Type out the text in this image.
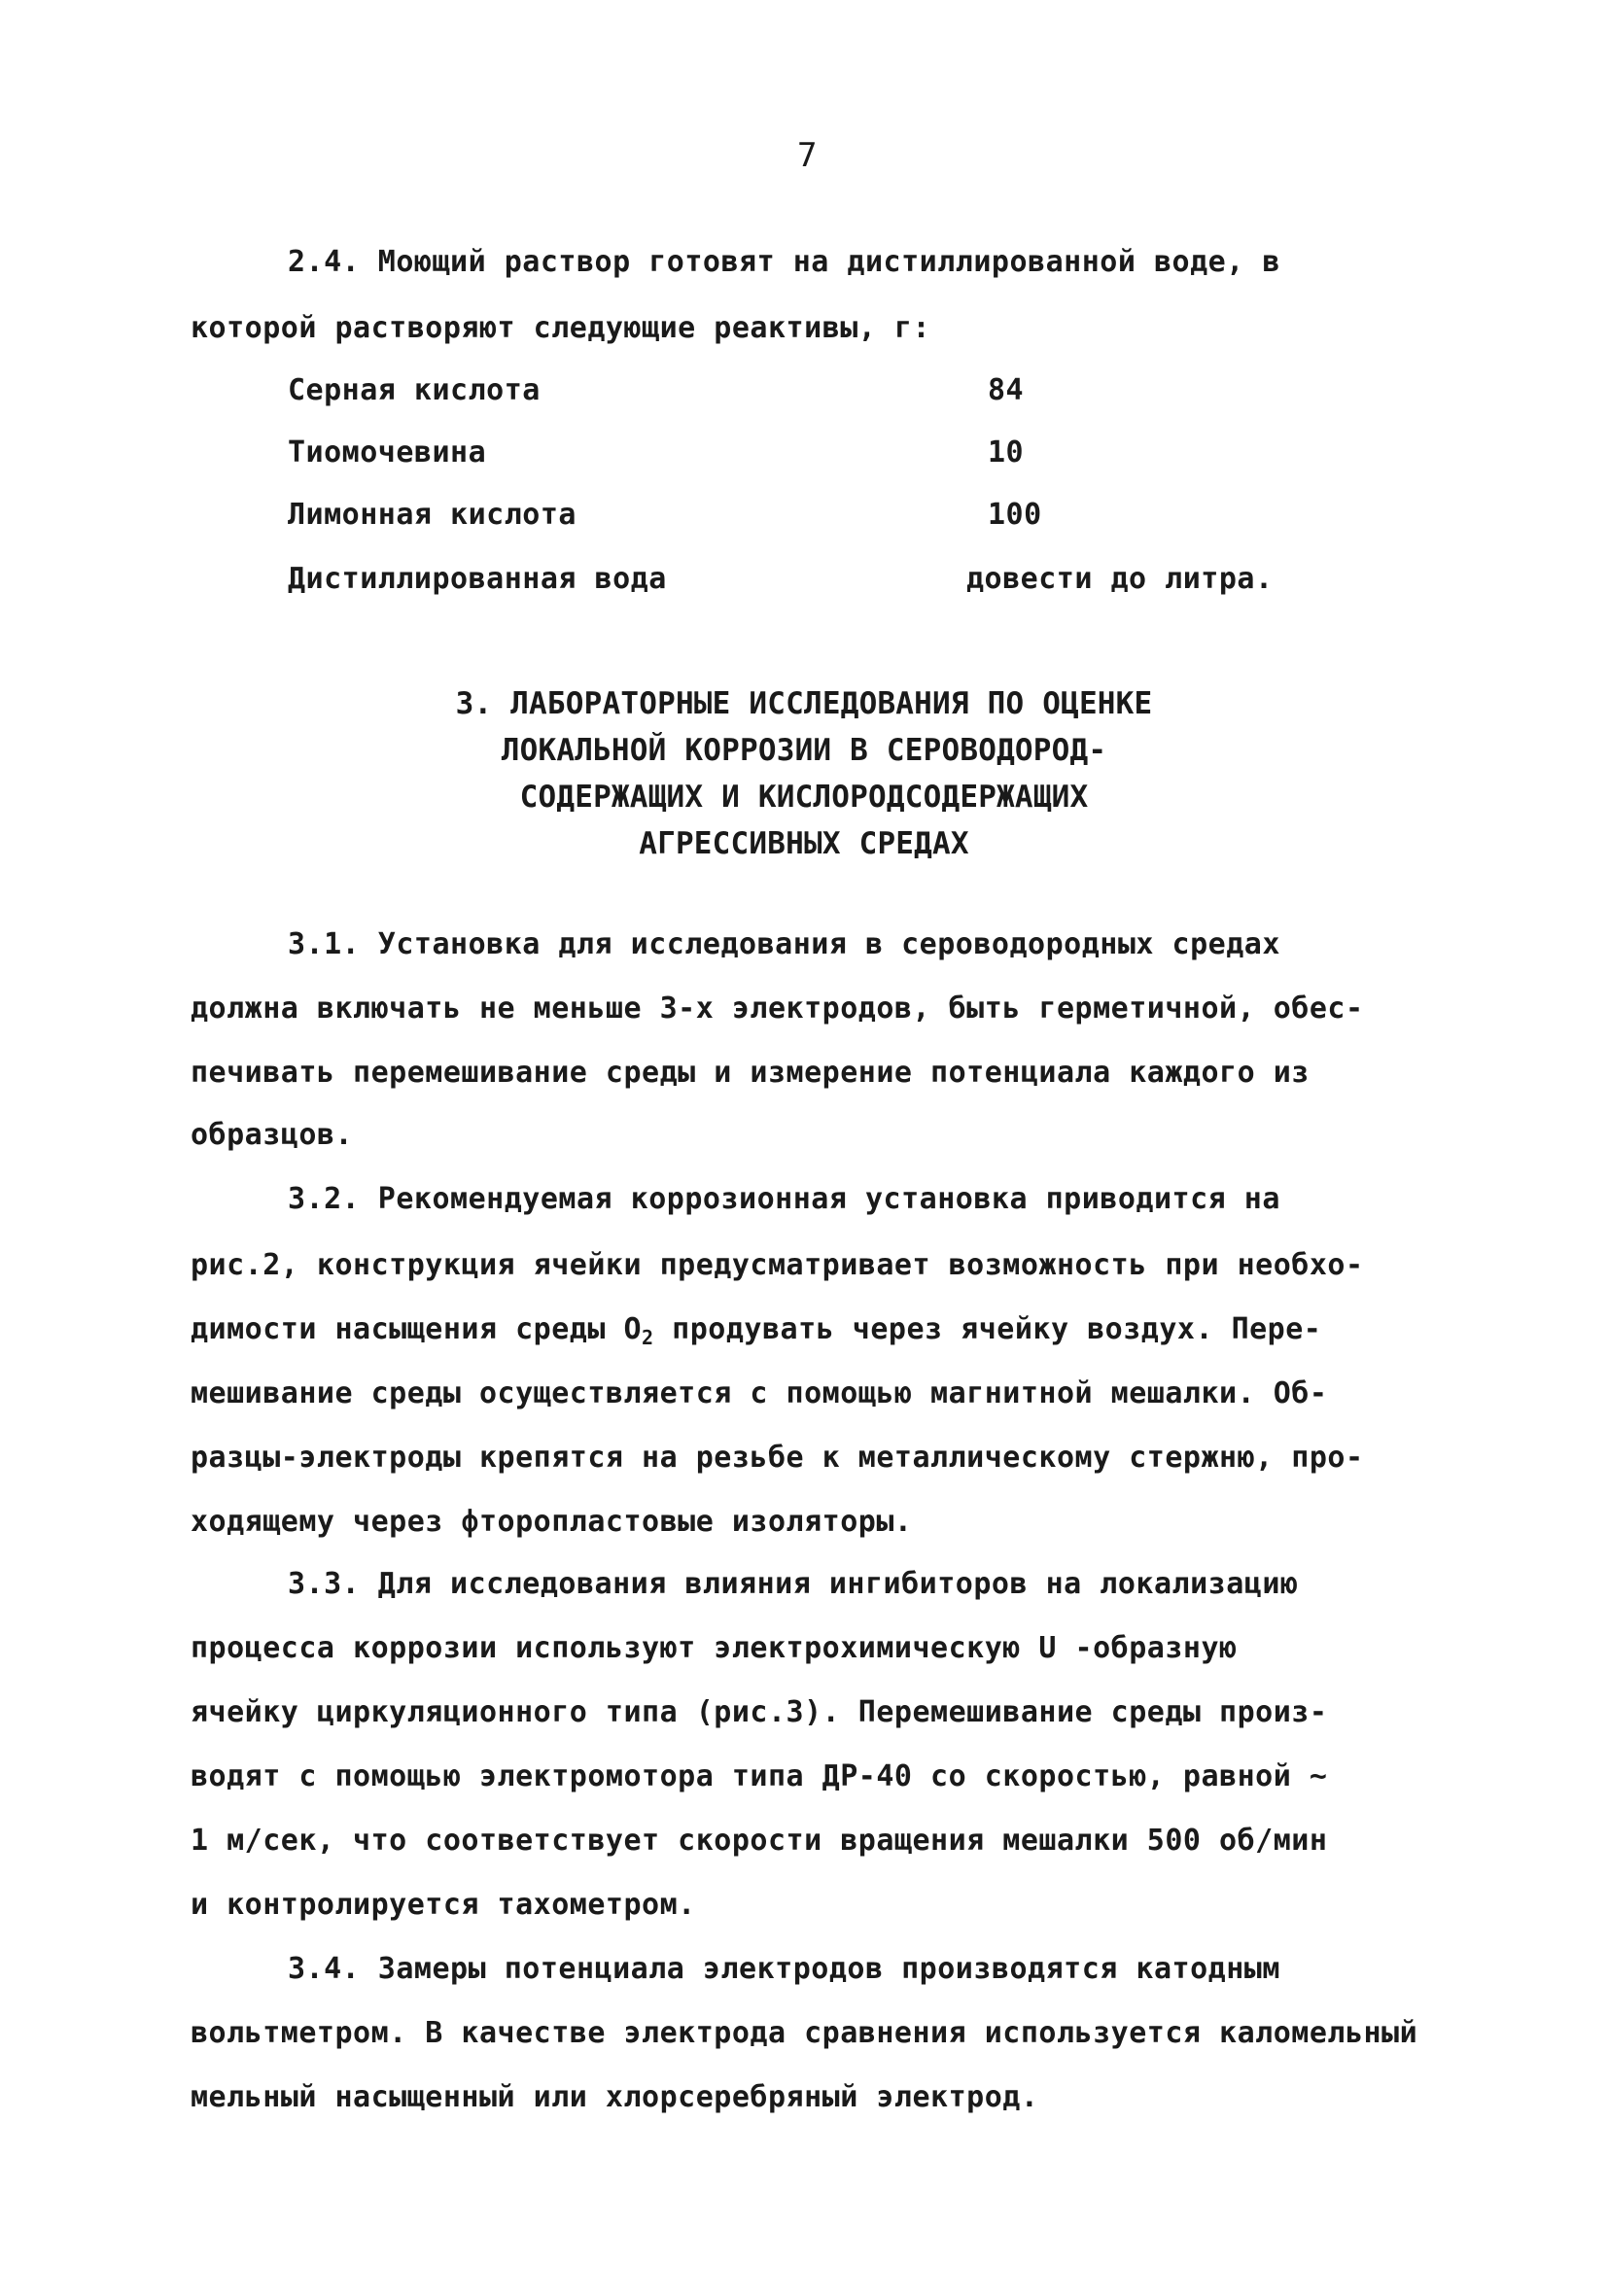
7
2.4. Моющий раствор готовят на дистиллированной воде, в
которой растворяют следующие реактивы, г:
Серная кислота	84
Тиомочевина	10
Лимонная кислота	100
Дистиллированная вода	довести до литра.
3. ЛАБОРАТОРНЫЕ ИССЛЕДОВАНИЯ ПО ОЦЕНКЕ
ЛОКАЛЬНОЙ КОРРОЗИИ В СЕРОВОДОРОД-
СОДЕРЖАЩИХ И КИСЛОРОДСОДЕРЖАЩИХ
АГРЕССИВНЫХ СРЕДАХ
3.1. Установка для исследования в сероводородных средах
должна включать не меньше 3-х электродов, быть герметичной, обес-
печивать перемешивание среды и измерение потенциала каждого из
образцов.
3.2. Рекомендуемая коррозионная установка приводится на
рис.2, конструкция ячейки предусматривает возможность при необхо-
димости насыщения среды $O_2$ продувать через ячейку воздух. Пере-
мешивание среды осуществляется с помощью магнитной мешалки. Об-
разцы-электроды крепятся на резьбе к металлическому стержню, про-
ходящему через фторопластовые изоляторы.
3.3. Для исследования влияния ингибиторов на локализацию
процесса коррозии используют электрохимическую U -образную
ячейку циркуляционного типа (рис.3). Перемешивание среды произ-
водят с помощью электромотора типа ДР-40 со скоростью, равной ~
1 м/сек, что соответствует скорости вращения мешалки 500 об/мин
и контролируется тахометром.
3.4. Замеры потенциала электродов производятся катодным
вольтметром. В качестве электрода сравнения используется каломельный
мельный насыщенный или хлорсеребряный электрод.
